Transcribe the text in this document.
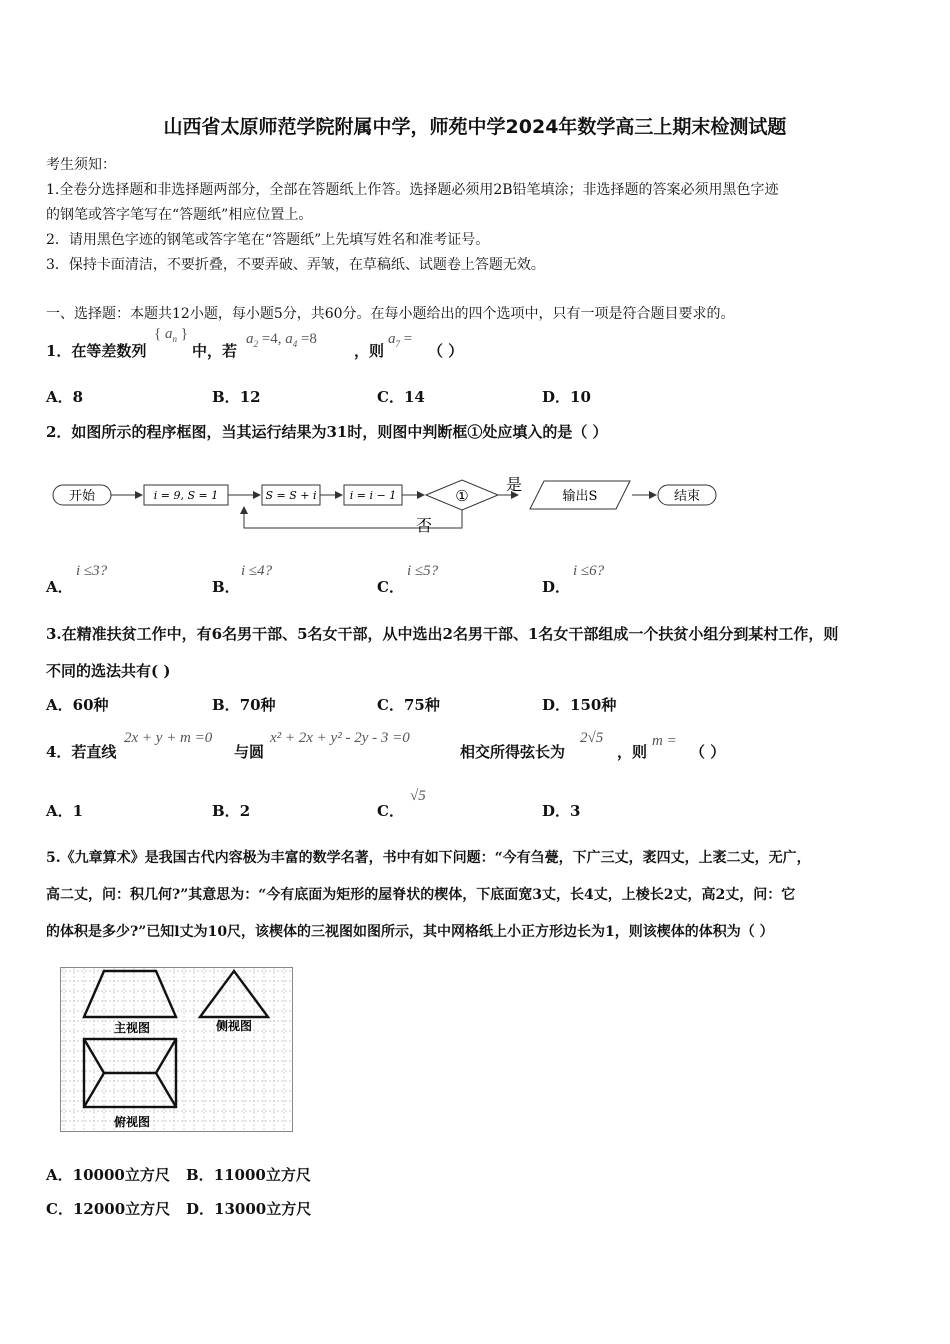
山西省太原师范学院附属中学，师苑中学2024年数学高三上期末检测试题
考生须知：
1.全卷分选择题和非选择题两部分，全部在答题纸上作答。选择题必须用2B铅笔填涂；非选择题的答案必须用黑色字迹
的钢笔或答字笔写在“答题纸”相应位置上。
2．请用黑色字迹的钢笔或答字笔在“答题纸”上先填写姓名和准考证号。
3．保持卡面清洁，不要折叠，不要弄破、弄皱，在草稿纸、试题卷上答题无效。
一、选择题：本题共12小题，每小题5分，共60分。在每小题给出的四个选项中，只有一项是符合题目要求的。
1．在等差数列
{ $a_n$ }
中，若
$a_2 =4$, $a_4 =8$
，则
$a_7$ =
（ ）
A．8	B．12	C．14	D．10
2．如图所示的程序框图，当其运行结果为31时，则图中判断框①处应填入的是（ ）
开始	i = 9, S = 1	S = S + i	i = i − 1	①
是
否
输出S	结束
A．
i ≤3?
B．
i ≤4?
C．
i ≤5?
D．
i ≤6?
3.在精准扶贫工作中，有6名男干部、5名女干部，从中选出2名男干部、1名女干部组成一个扶贫小组分到某村工作，则
不同的选法共有( )
A．60种	B．70种	C．75种	D．150种
4．若直线
2x + y + m =0
与圆
x² + 2x + y² - 2y - 3 =0
相交所得弦长为
2√5
，则
m =
（ ）
A．1	B．2	C．
√5
D．3
5.《九章算术》是我国古代内容极为丰富的数学名著，书中有如下问题：“今有刍甍，下广三丈，袤四丈，上袤二丈，无广，
高二丈，问：积几何?”其意思为：“今有底面为矩形的屋脊状的楔体，下底面宽3丈，长4丈，上棱长2丈，高2丈，问：它
的体积是多少?”已知l丈为10尺，该楔体的三视图如图所示，其中网格纸上小正方形边长为1，则该楔体的体积为（ ）
主视图	侧视图
俯视图
A．10000立方尺 B．11000立方尺
C．12000立方尺 D．13000立方尺
